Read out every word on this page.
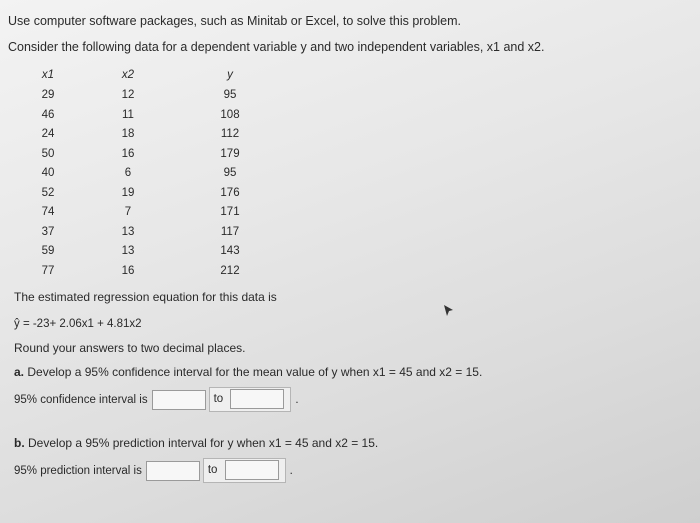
Use computer software packages, such as Minitab or Excel, to solve this problem.
Consider the following data for a dependent variable y and two independent variables, x1 and x2.
x1	x2	y
29	12	95
46	11	108
24	18	112
50	16	179
40	6	95
52	19	176
74	7	171
37	13	117
59	13	143
77	16	212
The estimated regression equation for this data is
ŷ = -23+ 2.06x1 + 4.81x2
Round your answers to two decimal places.
a. Develop a 95% confidence interval for the mean value of y when x1 = 45 and x2 = 15.
95% confidence interval is	to	.
b. Develop a 95% prediction interval for y when x1 = 45 and x2 = 15.
95% prediction interval is	to	.
